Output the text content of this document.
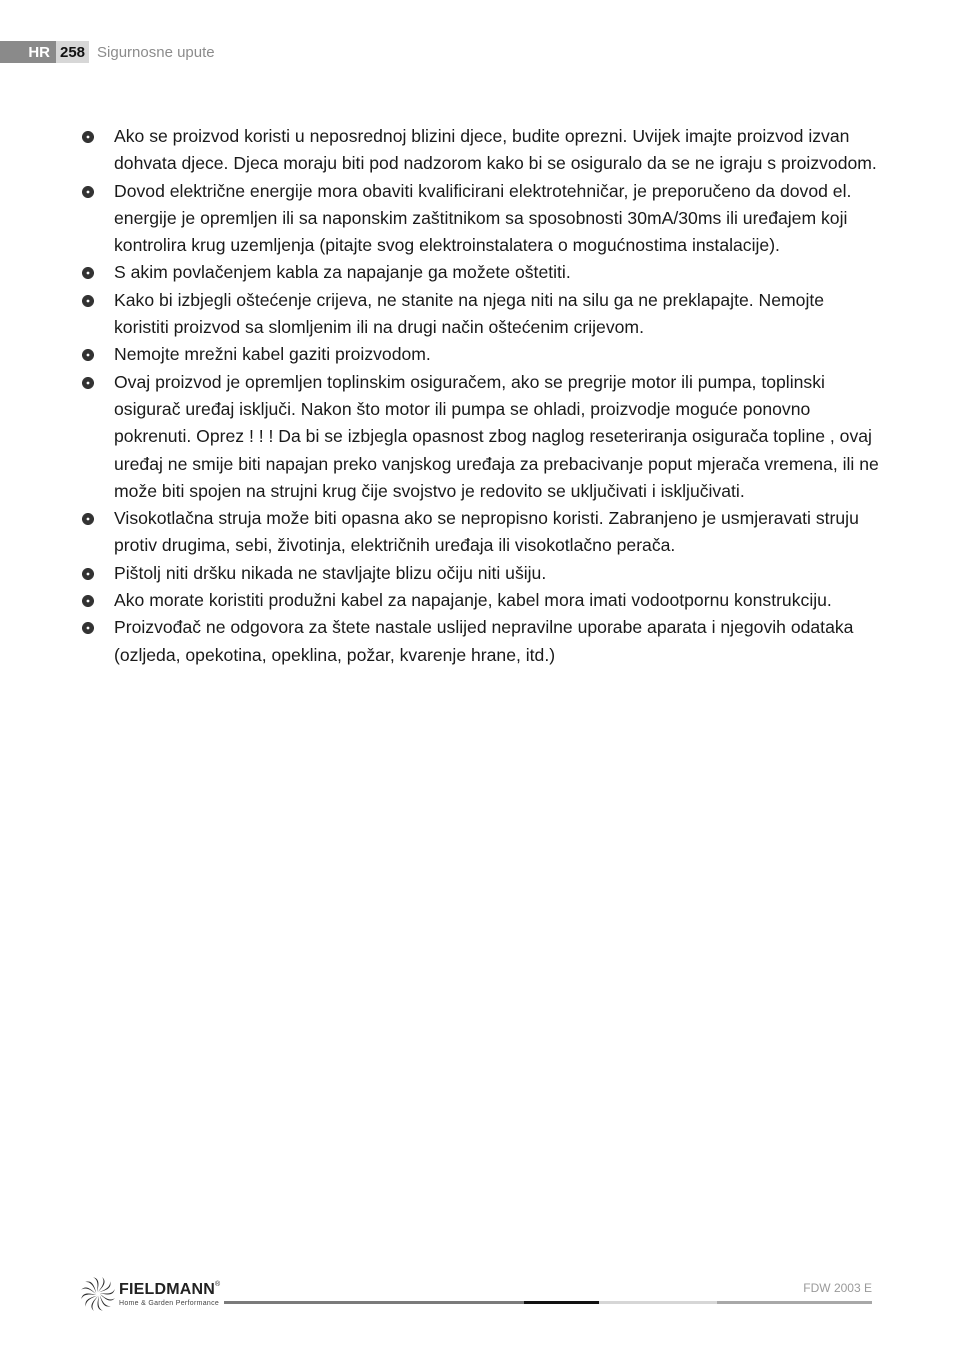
HR 258 Sigurnosne upute
Ako se proizvod koristi u neposrednoj blizini djece, budite oprezni. Uvijek imajte proizvod izvan dohvata djece. Djeca moraju biti pod nadzorom kako bi se osiguralo da se ne igraju s proizvodom.
Dovod električne energije mora obaviti kvalificirani elektrotehničar, je preporučeno da dovod el. energije je opremljen ili sa naponskim zaštitnikom sa sposobnosti 30mA/30ms ili uređajem koji kontrolira krug uzemljenja (pitajte svog elektroinstalatera o mogućnostima instalacije).
S akim povlačenjem kabla za napajanje ga možete oštetiti.
Kako bi izbjegli oštećenje crijeva, ne stanite na njega niti na silu ga ne preklapajte. Nemojte koristiti proizvod sa slomljenim ili na drugi način oštećenim crijevom.
Nemojte mrežni kabel gaziti proizvodom.
Ovaj proizvod je opremljen toplinskim osiguračem, ako se pregrije motor ili pumpa, toplinski osigurač uređaj isključi. Nakon što motor ili pumpa se ohladi, proizvodje moguće ponovno pokrenuti. Oprez ! ! ! Da bi se izbjegla opasnost zbog naglog reseteriranja osigurača topline , ovaj uređaj ne smije biti napajan preko vanjskog uređaja za prebacivanje poput mjerača vremena, ili ne može biti spojen na strujni krug čije svojstvo je redovito se uključivati i isključivati.
Visokotlačna struja može biti opasna ako se nepropisno koristi. Zabranjeno je usmjeravati struju protiv drugima, sebi, životinja, električnih uređaja ili visokotlačno perača.
Pištolj niti dršku nikada ne stavljajte blizu očiju niti ušiju.
Ako morate koristiti produžni kabel za napajanje, kabel mora imati vodootpornu konstrukciju.
Proizvođač ne odgovora za štete nastale uslijed nepravilne uporabe aparata i njegovih odataka (ozljeda, opekotina, opeklina, požar, kvarenje hrane, itd.)
FIELDMANN®
Home & Garden Performance
FDW 2003 E
